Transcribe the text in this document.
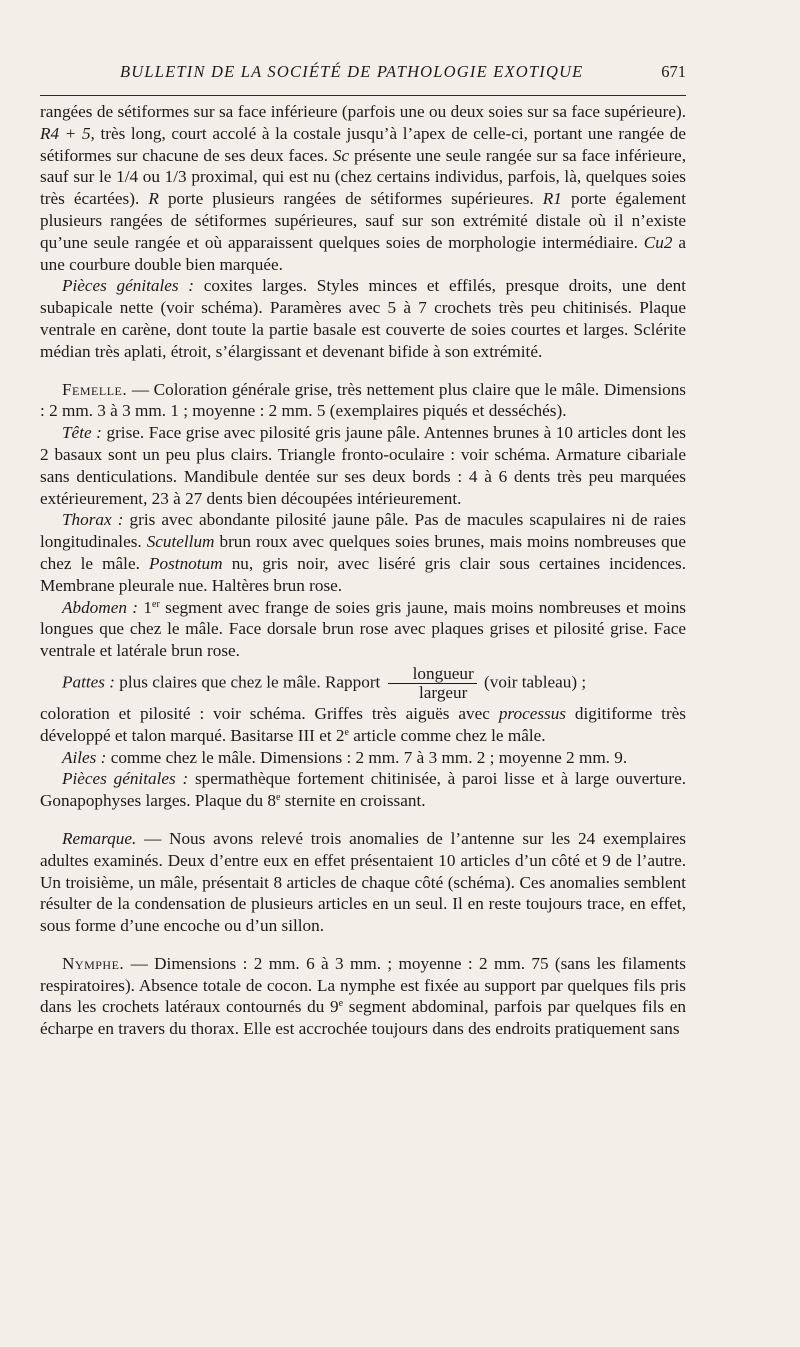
BULLETIN DE LA SOCIÉTÉ DE PATHOLOGIE EXOTIQUE	671

rangées de sétiformes sur sa face inférieure (parfois une ou deux soies sur sa face supérieure). R4 + 5, très long, court accolé à la costale jusqu’à l’apex de celle-ci, portant une rangée de sétiformes sur chacune de ses deux faces. Sc présente une seule rangée sur sa face inférieure, sauf sur le 1/4 ou 1/3 proximal, qui est nu (chez certains individus, parfois, là, quelques soies très écartées). R porte plusieurs rangées de sétiformes supérieures. R1 porte également plusieurs rangées de sétiformes supérieures, sauf sur son extrémité distale où il n’existe qu’une seule rangée et où apparaissent quelques soies de morphologie intermédiaire. Cu2 a une courbure double bien marquée.

Pièces génitales : coxites larges. Styles minces et effilés, presque droits, une dent subapicale nette (voir schéma). Paramères avec 5 à 7 crochets très peu chitinisés. Plaque ventrale en carène, dont toute la partie basale est couverte de soies courtes et larges. Sclérite médian très aplati, étroit, s’élargissant et devenant bifide à son extrémité.

Femelle. — Coloration générale grise, très nettement plus claire que le mâle. Dimensions : 2 mm. 3 à 3 mm. 1 ; moyenne : 2 mm. 5 (exemplaires piqués et desséchés).

Tête : grise. Face grise avec pilosité gris jaune pâle. Antennes brunes à 10 articles dont les 2 basaux sont un peu plus clairs. Triangle fronto-oculaire : voir schéma. Armature cibariale sans denticulations. Mandibule dentée sur ses deux bords : 4 à 6 dents très peu marquées extérieurement, 23 à 27 dents bien découpées intérieurement.

Thorax : gris avec abondante pilosité jaune pâle. Pas de macules scapulaires ni de raies longitudinales. Scutellum brun roux avec quelques soies brunes, mais moins nombreuses que chez le mâle. Postnotum nu, gris noir, avec liséré gris clair sous certaines incidences. Membrane pleurale nue. Haltères brun rose.

Abdomen : 1er segment avec frange de soies gris jaune, mais moins nombreuses et moins longues que chez le mâle. Face dorsale brun rose avec plaques grises et pilosité grise. Face ventrale et latérale brun rose.

Pattes : plus claires que chez le mâle. Rapport $\frac{\text{longueur}}{\text{largeur}}$ (voir tableau) ;

coloration et pilosité : voir schéma. Griffes très aiguës avec processus digitiforme très développé et talon marqué. Basitarse III et 2e article comme chez le mâle.

Ailes : comme chez le mâle. Dimensions : 2 mm. 7 à 3 mm. 2 ; moyenne 2 mm. 9.

Pièces génitales : spermathèque fortement chitinisée, à paroi lisse et à large ouverture. Gonapophyses larges. Plaque du 8e sternite en croissant.

Remarque. — Nous avons relevé trois anomalies de l’antenne sur les 24 exemplaires adultes examinés. Deux d’entre eux en effet présentaient 10 articles d’un côté et 9 de l’autre. Un troisième, un mâle, présentait 8 articles de chaque côté (schéma). Ces anomalies semblent résulter de la condensation de plusieurs articles en un seul. Il en reste toujours trace, en effet, sous forme d’une encoche ou d’un sillon.

Nymphe. — Dimensions : 2 mm. 6 à 3 mm. ; moyenne : 2 mm. 75 (sans les filaments respiratoires). Absence totale de cocon. La nymphe est fixée au support par quelques fils pris dans les crochets latéraux contournés du 9e segment abdominal, parfois par quelques fils en écharpe en travers du thorax. Elle est accrochée toujours dans des endroits pratiquement sans
